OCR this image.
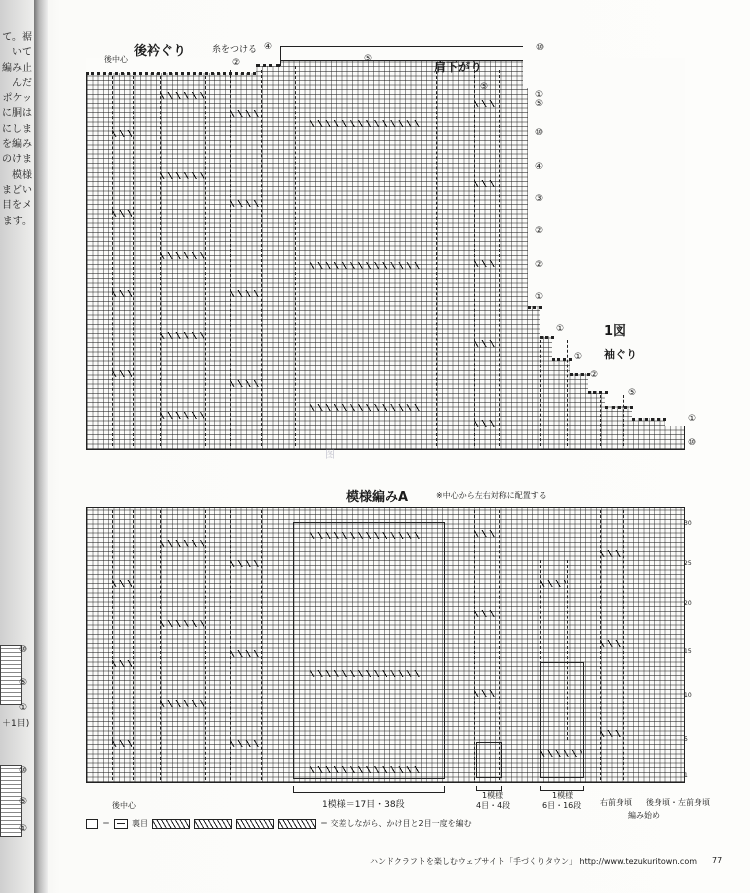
て。裾
いて
編み止
んだ
ポケッ
に胴は
にしま
を編み
のけま
模様
まどい
目をメ
ます。
⑩
⑤
①
＋1目)
⑩
⑤
①
後衿ぐり
後中心
糸をつける ④
②	肩下がり
⑩
⑤
⑤
①
⑤
⑩
④
③
②
②
①
1図
袖ぐり
①
①
②
⑤
①
⑩
图
模様編みA	※中心から左右対称に配置する
30
25
20
15
10
5
1
後中心	1模様＝17目・38段
1模様
4目・4段
1模様
6目・16段 右前身頃 後身頃・左前身頃
編み始め
＝	裏目	＝ 交差しながら、かけ目と2目一度を編む
ハンドクラフトを楽しむウェブサイト「手づくりタウン」 http://www.tezukuritown.com 77
